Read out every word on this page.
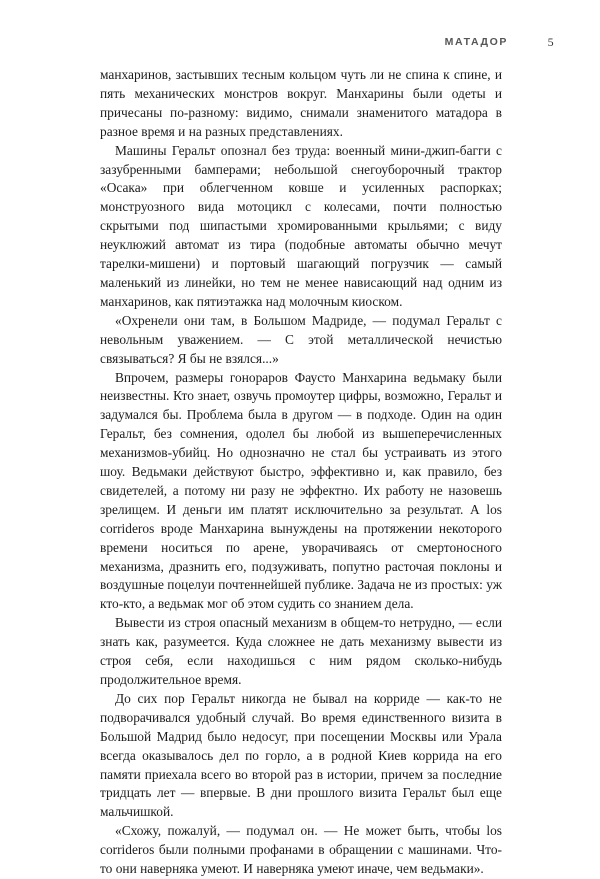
МАТАДОР	5

манхаринов, застывших тесным кольцом чуть ли не спина к спине, и пять механических монстров вокруг. Манхарины были одеты и причесаны по-разному: видимо, снимали знаменитого матадора в разное время и на разных представлениях.

Машины Геральт опознал без труда: военный мини-джип-багги с зазубренными бамперами; небольшой снегоуборочный трактор «Осака» при облегченном ковше и усиленных распорках; монструозного вида мотоцикл с колесами, почти полностью скрытыми под шипастыми хромированными крыльями; с виду неуклюжий автомат из тира (подобные автоматы обычно мечут тарелки-мишени) и портовый шагающий погрузчик — самый маленький из линейки, но тем не менее нависающий над одним из манхаринов, как пятиэтажка над молочным киоском.

«Охренели они там, в Большом Мадриде, — подумал Геральт с невольным уважением. — С этой металлической нечистью связываться? Я бы не взялся...»

Впрочем, размеры гонораров Фаусто Манхарина ведьмаку были неизвестны. Кто знает, озвучь промоутер цифры, возможно, Геральт и задумался бы. Проблема была в другом — в подходе. Один на один Геральт, без сомнения, одолел бы любой из вышеперечисленных механизмов-убийц. Но однозначно не стал бы устраивать из этого шоу. Ведьмаки действуют быстро, эффективно и, как правило, без свидетелей, а потому ни разу не эффектно. Их работу не назовешь зрелищем. И деньги им платят исключительно за результат. А los corrideros вроде Манхарина вынуждены на протяжении некоторого времени носиться по арене, уворачиваясь от смертоносного механизма, дразнить его, подзуживать, попутно расточая поклоны и воздушные поцелуи почтеннейшей публике. Задача не из простых: уж кто-кто, а ведьмак мог об этом судить со знанием дела.

Вывести из строя опасный механизм в общем-то нетрудно, — если знать как, разумеется. Куда сложнее не дать механизму вывести из строя себя, если находишься с ним рядом сколько-нибудь продолжительное время.

До сих пор Геральт никогда не бывал на корриде — как-то не подворачивался удобный случай. Во время единственного визита в Большой Мадрид было недосуг, при посещении Москвы или Урала всегда оказывалось дел по горло, а в родной Киев коррида на его памяти приехала всего во второй раз в истории, причем за последние тридцать лет — впервые. В дни прошлого визита Геральт был еще мальчишкой.

«Схожу, пожалуй, — подумал он. — Не может быть, чтобы los corrideros были полными профанами в обращении с машинами. Что-то они наверняка умеют. И наверняка умеют иначе, чем ведьмаки».
